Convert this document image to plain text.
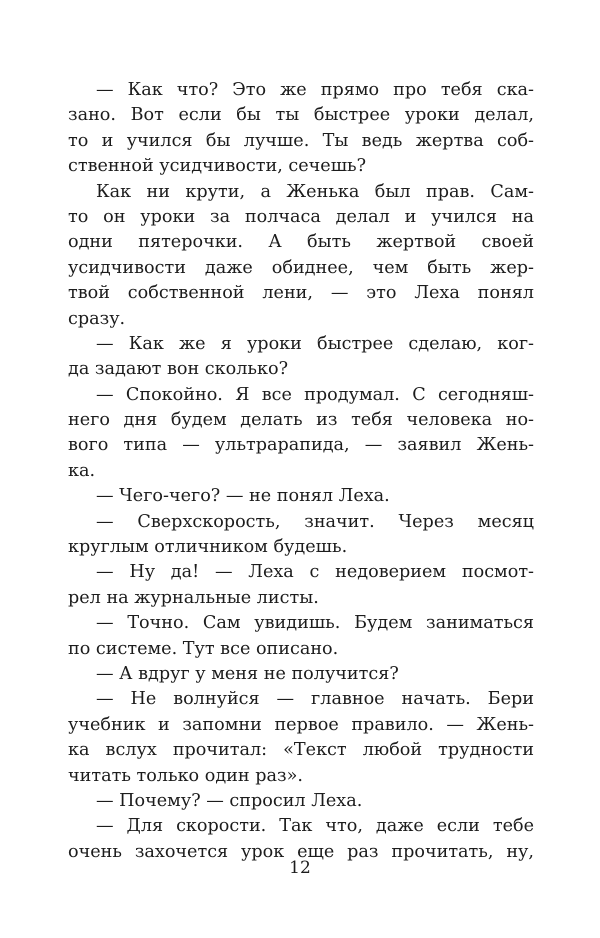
— Как что? Это же прямо про тебя ска-
зано. Вот если бы ты быстрее уроки делал,
то и учился бы лучше. Ты ведь жертва соб-
ственной усидчивости, сечешь?
Как ни крути, а Женька был прав. Сам-
то он уроки за полчаса делал и учился на
одни пятерочки. А быть жертвой своей
усидчивости даже обиднее, чем быть жер-
твой собственной лени, — это Леха понял
сразу.
— Как же я уроки быстрее сделаю, ког-
да задают вон сколько?
— Спокойно. Я все продумал. С сегодняш-
него дня будем делать из тебя человека но-
вого типа — ультрарапида, — заявил Жень-
ка.
— Чего-чего? — не понял Леха.
— Сверхскорость, значит. Через месяц
круглым отличником будешь.
— Ну да! — Леха с недоверием посмот-
рел на журнальные листы.
— Точно. Сам увидишь. Будем заниматься
по системе. Тут все описано.
— А вдруг у меня не получится?
— Не волнуйся — главное начать. Бери
учебник и запомни первое правило. — Жень-
ка вслух прочитал: «Текст любой трудности
читать только один раз».
— Почему? — спросил Леха.
— Для скорости. Так что, даже если тебе
очень захочется урок еще раз прочитать, ну,
12
